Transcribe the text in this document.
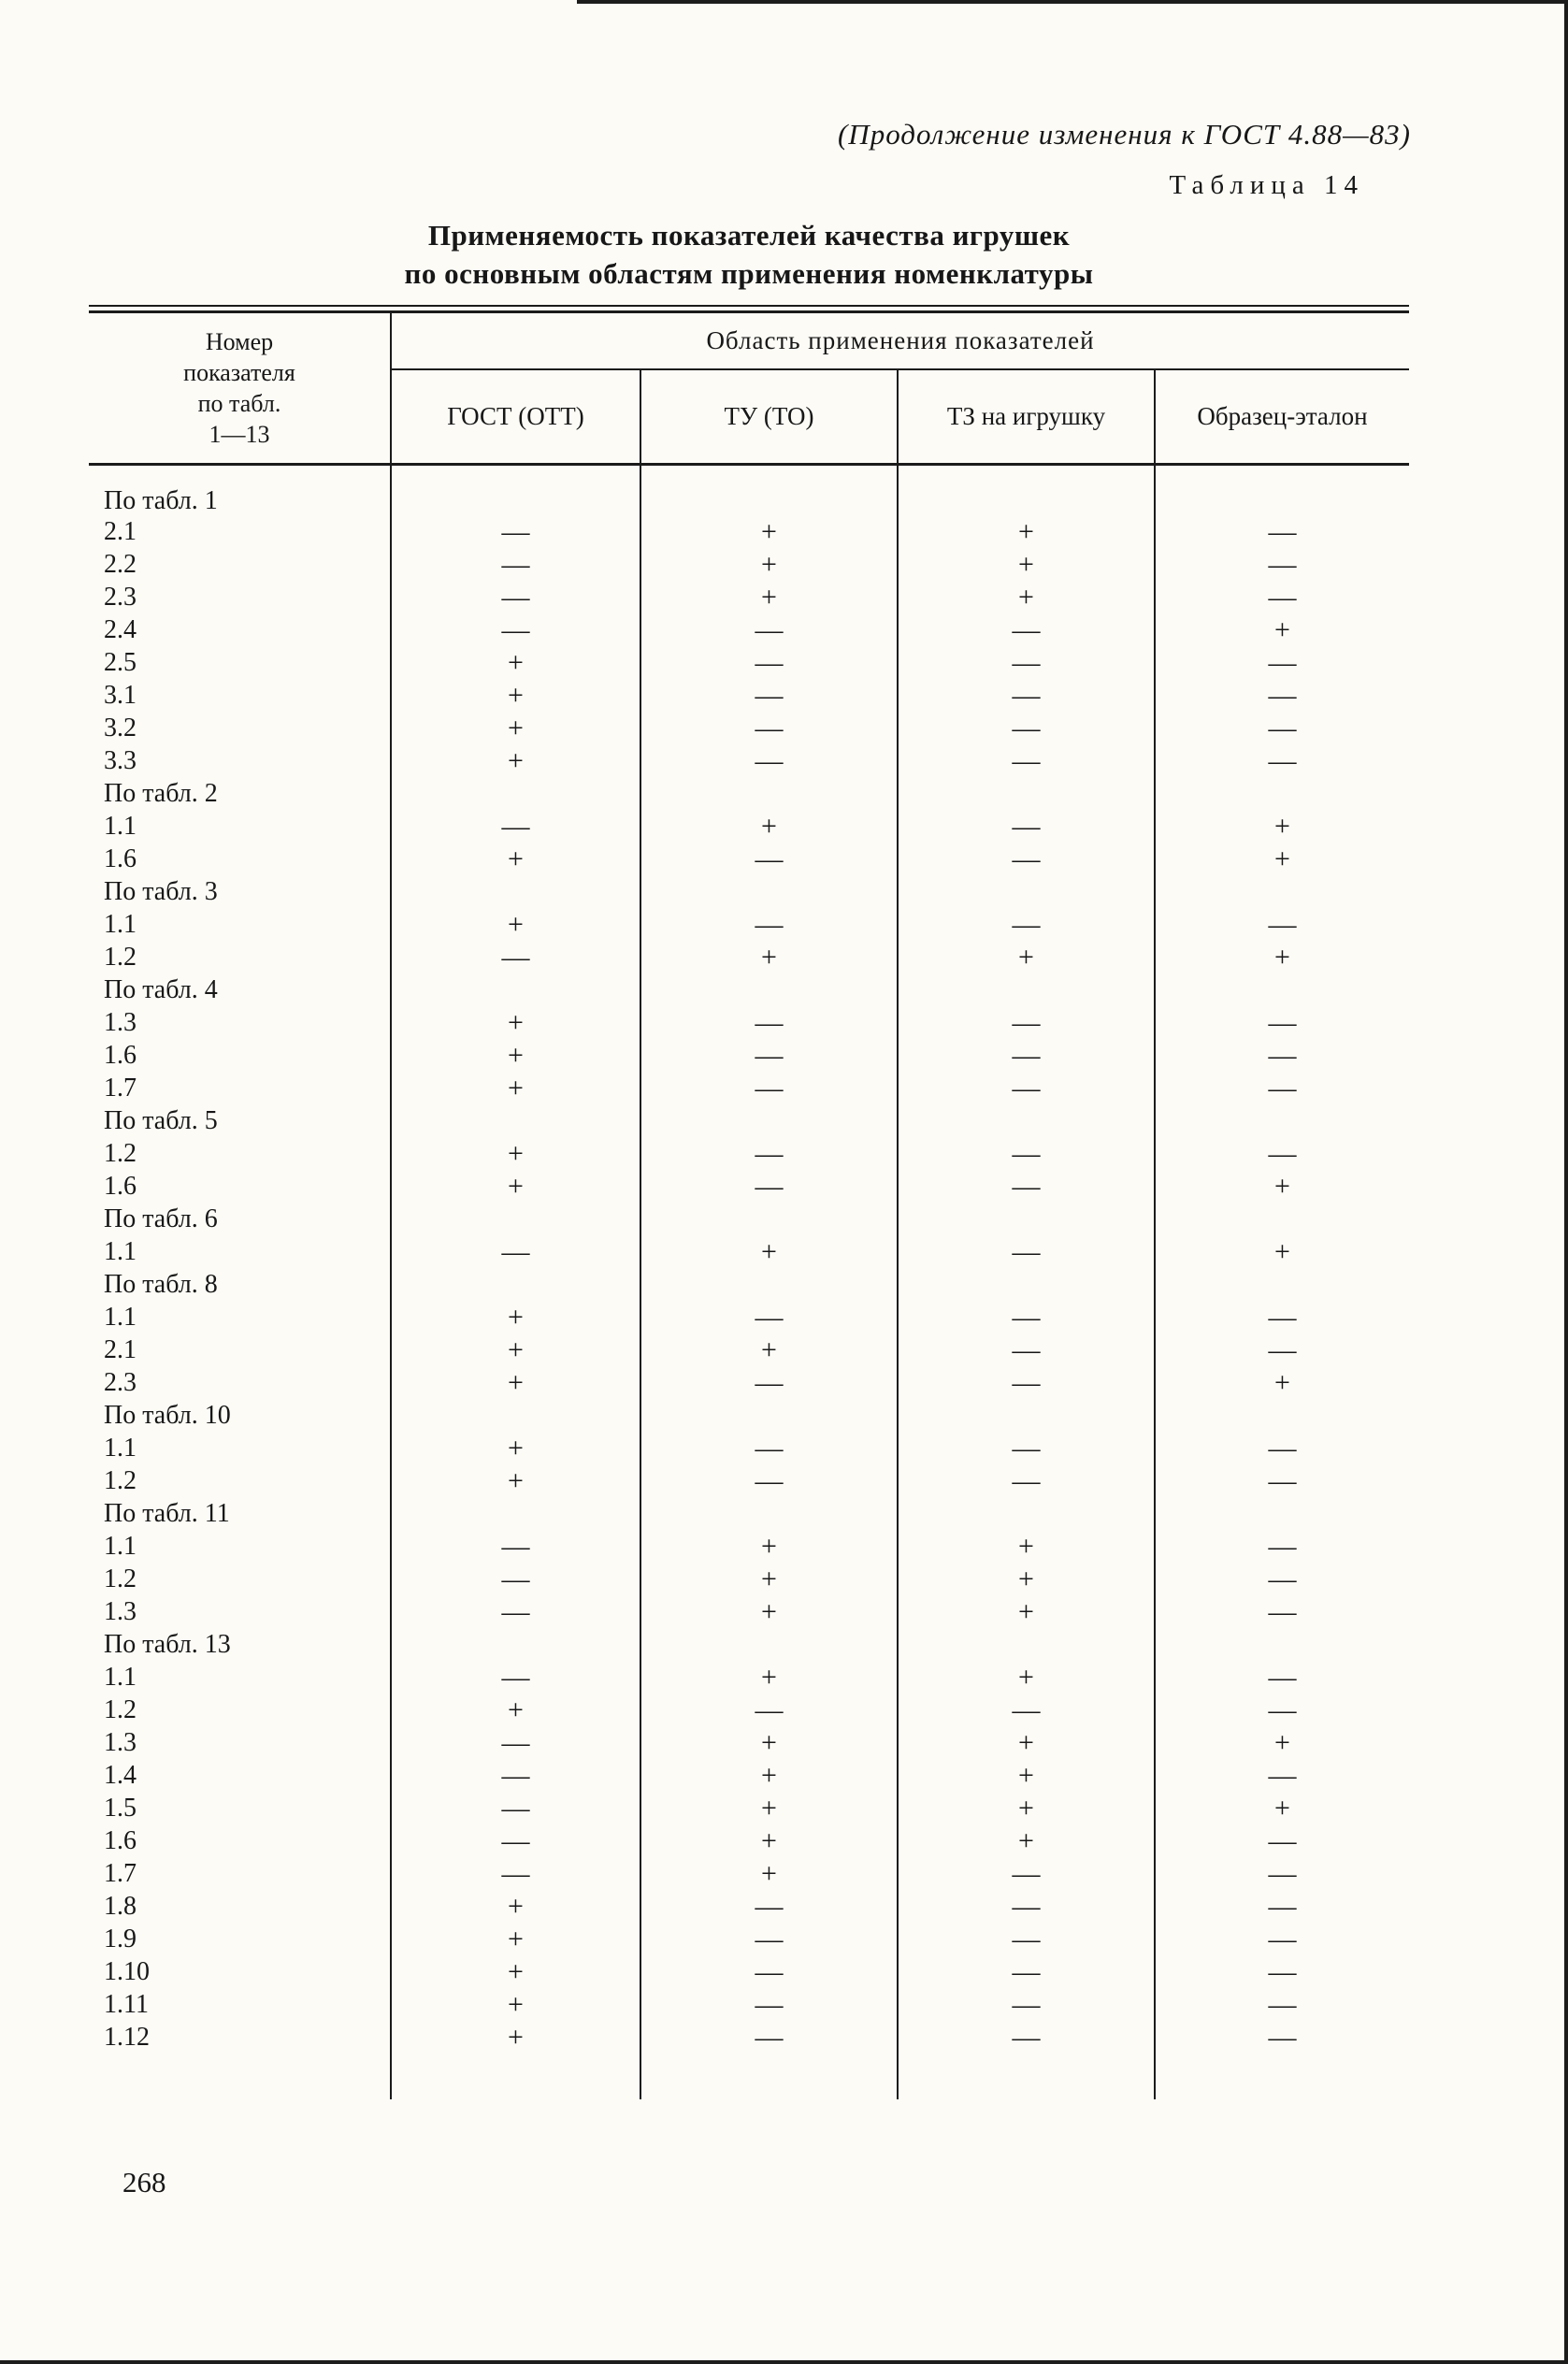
(Продолжение изменения к ГОСТ 4.88—83)
Таблица 14
Применяемость показателей качества игрушек
по основным областям применения номенклатуры
Номер
показателя
по табл.
1—13	Область применения показателей			
	ГОСТ (ОТТ)	ТУ (ТО)	ТЗ на игрушку	Образец-эталон
По табл. 1				
2.1	—	+	+	—
2.2	—	+	+	—
2.3	—	+	+	—
2.4	—	—	—	+
2.5	+	—	—	—
3.1	+	—	—	—
3.2	+	—	—	—
3.3	+	—	—	—
По табл. 2				
1.1	—	+	—	+
1.6	+	—	—	+
По табл. 3				
1.1	+	—	—	—
1.2	—	+	+	+
По табл. 4				
1.3	+	—	—	—
1.6	+	—	—	—
1.7	+	—	—	—
По табл. 5				
1.2	+	—	—	—
1.6	+	—	—	+
По табл. 6				
1.1	—	+	—	+
По табл. 8				
1.1	+	—	—	—
2.1	+	+	—	—
2.3	+	—	—	+
По табл. 10				
1.1	+	—	—	—
1.2	+	—	—	—
По табл. 11				
1.1	—	+	+	—
1.2	—	+	+	—
1.3	—	+	+	—
По табл. 13				
1.1	—	+	+	—
1.2	+	—	—	—
1.3	—	+	+	+
1.4	—	+	+	—
1.5	—	+	+	+
1.6	—	+	+	—
1.7	—	+	—	—
1.8	+	—	—	—
1.9	+	—	—	—
1.10	+	—	—	—
1.11	+	—	—	—
1.12	+	—	—	—

268
